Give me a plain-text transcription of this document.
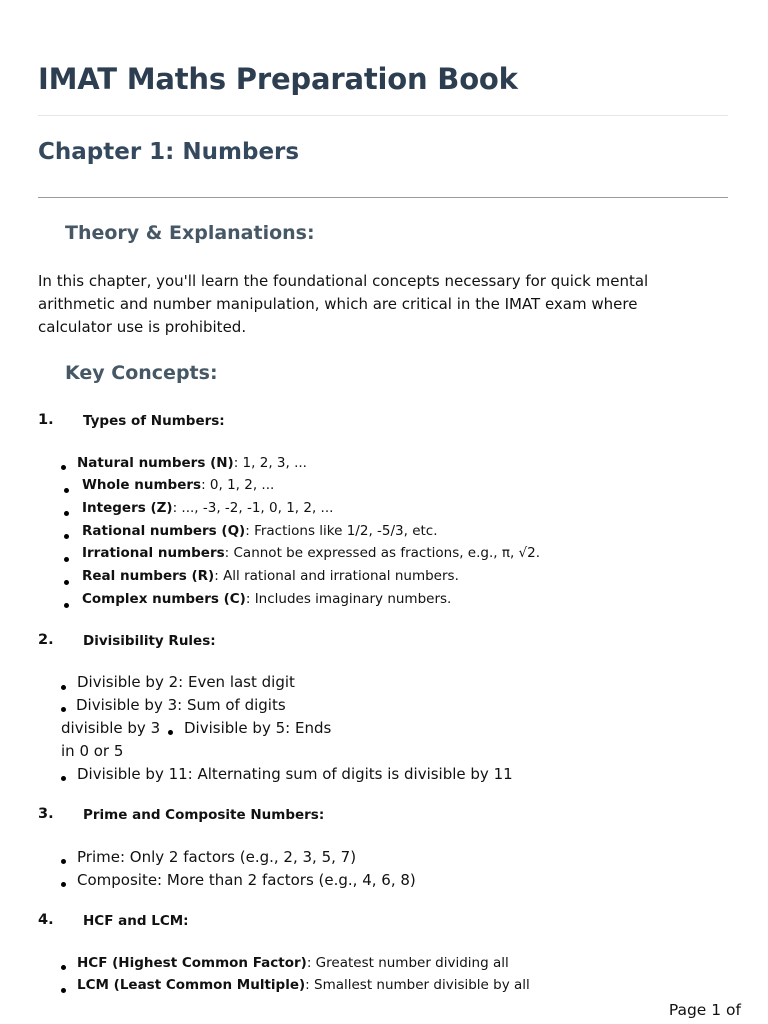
IMAT Maths Preparation Book
Chapter 1: Numbers
Theory & Explanations:
In this chapter, you'll learn the foundational concepts necessary for quick mental
arithmetic and number manipulation, which are critical in the IMAT exam where
calculator use is prohibited.
Key Concepts:
1. Types of Numbers:
Natural numbers (N): 1, 2, 3, ...
Whole numbers: 0, 1, 2, ...
Integers (Z): ..., -3, -2, -1, 0, 1, 2, ...
Rational numbers (Q): Fractions like 1/2, -5/3, etc.
Irrational numbers: Cannot be expressed as fractions, e.g., π, √2.
Real numbers (R): All rational and irrational numbers.
Complex numbers (C): Includes imaginary numbers.
2. Divisibility Rules:
Divisible by 2: Even last digit
Divisible by 3: Sum of digits
divisible by 3 Divisible by 5: Ends
in 0 or 5
Divisible by 11: Alternating sum of digits is divisible by 11
3. Prime and Composite Numbers:
Prime: Only 2 factors (e.g., 2, 3, 5, 7)
Composite: More than 2 factors (e.g., 4, 6, 8)
4. HCF and LCM:
HCF (Highest Common Factor): Greatest number dividing all
LCM (Least Common Multiple): Smallest number divisible by all
Page 1 of
